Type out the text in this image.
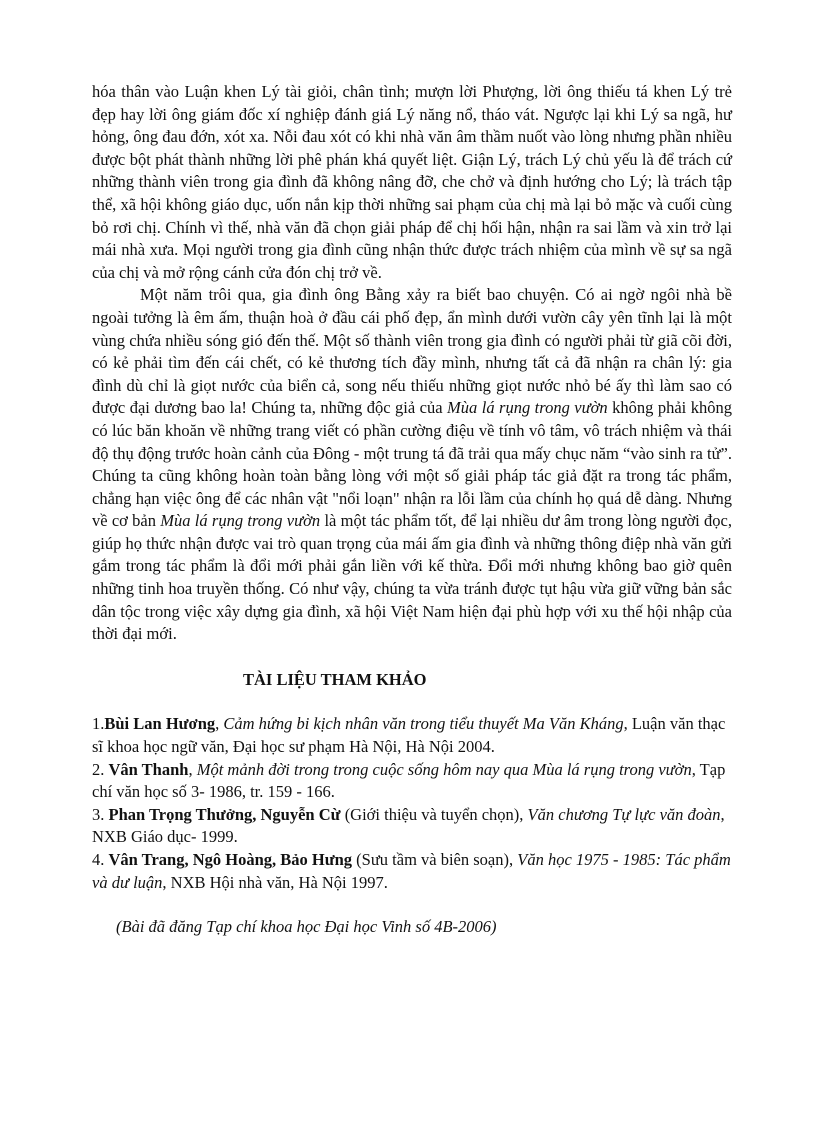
hóa thân vào Luận khen Lý tài giỏi, chân tình; mượn lời Phượng, lời ông thiếu tá khen Lý trẻ đẹp hay lời ông giám đốc xí nghiệp đánh giá Lý năng nổ, tháo vát. Ngược lại khi Lý sa ngã, hư hỏng, ông đau đớn, xót xa. Nỗi đau xót có khi nhà văn âm thầm nuốt vào lòng nhưng phần nhiều được bột phát thành những lời phê phán khá quyết liệt. Giận Lý, trách Lý chủ yếu là để trách cứ những thành viên trong gia đình đã không nâng đỡ, che chở và định hướng cho Lý; là trách tập thể, xã hội không giáo dục, uốn nắn kịp thời những sai phạm của chị mà lại bỏ mặc và cuối cùng bỏ rơi chị. Chính vì thế, nhà văn đã chọn giải pháp để chị hối hận, nhận ra sai lầm và xin trở lại mái nhà xưa. Mọi người trong gia đình cũng nhận thức được trách nhiệm của mình về sự sa ngã của chị và mở rộng cánh cửa đón chị trở về.

Một năm trôi qua, gia đình ông Bằng xảy ra biết bao chuyện. Có ai ngờ ngôi nhà bề ngoài tưởng là êm ấm, thuận hoà ở đầu cái phố đẹp, ẩn mình dưới vườn cây yên tĩnh lại là một vùng chứa nhiều sóng gió đến thế. Một số thành viên trong gia đình có người phải từ giã cõi đời, có kẻ phải tìm đến cái chết, có kẻ thương tích đầy mình, nhưng tất cả đã nhận ra chân lý: gia đình dù chỉ là giọt nước của biển cả, song nếu thiếu những giọt nước nhỏ bé ấy thì làm sao có được đại dương bao la! Chúng ta, những độc giả của Mùa lá rụng trong vườn không phải không có lúc băn khoăn về những trang viết có phần cường điệu về tính vô tâm, vô trách nhiệm và thái độ thụ động trước hoàn cảnh của Đông - một trung tá đã trải qua mấy chục năm “vào sinh ra tử”. Chúng ta cũng không hoàn toàn bằng lòng với một số giải pháp tác giả đặt ra trong tác phẩm, chẳng hạn việc ông để các nhân vật "nổi loạn" nhận ra lỗi lầm của chính họ quá dễ dàng. Nhưng về cơ bản Mùa lá rụng trong vườn là một tác phẩm tốt, để lại nhiều dư âm trong lòng người đọc, giúp họ thức nhận được vai trò quan trọng của mái ấm gia đình và những thông điệp nhà văn gửi gắm trong tác phẩm là đổi mới phải gắn liền với kế thừa. Đổi mới nhưng không bao giờ quên những tinh hoa truyền thống. Có như vậy, chúng ta vừa tránh được tụt hậu vừa giữ vững bản sắc dân tộc trong việc xây dựng gia đình, xã hội Việt Nam hiện đại phù hợp với xu thế hội nhập của thời đại mới.

TÀI LIỆU THAM KHẢO

1.Bùi Lan Hương, Cảm hứng bi kịch nhân văn trong tiểu thuyết Ma Văn Kháng, Luận văn thạc sĩ khoa học ngữ văn, Đại học sư phạm Hà Nội, Hà Nội 2004.

2. Vân Thanh, Một mảnh đời trong trong cuộc sống hôm nay qua Mùa lá rụng trong vườn, Tạp chí văn học số 3- 1986, tr. 159 - 166.

3. Phan Trọng Thưởng, Nguyễn Cừ (Giới thiệu và tuyển chọn), Văn chương Tự lực văn đoàn, NXB Giáo dục- 1999.

4. Vân Trang, Ngô Hoàng, Bảo Hưng (Sưu tầm và biên soạn), Văn học 1975 - 1985: Tác phẩm và dư luận, NXB Hội nhà văn, Hà Nội 1997.

(Bài đã đăng Tạp chí khoa học Đại học Vinh số 4B-2006)
